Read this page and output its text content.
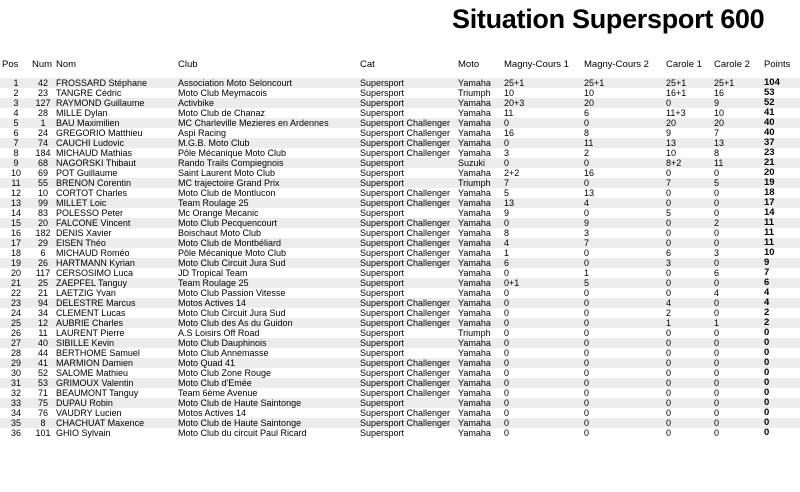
Situation Supersport 600
Pos	Num	Nom	Club	Cat	Moto	Magny-Cours 1	Magny-Cours 2	Carole 1	Carole 2	Points

1	42	FROSSARD Stéphane	Association Moto Seloncourt	Supersport	Yamaha	25+1	25+1	25+1	25+1	104
2	23	TANGRE Cédric	Moto Club Meymacois	Supersport	Triumph	10	10	16+1	16	53
3	127	RAYMOND Guillaume	Activbike	Supersport	Yamaha	20+3	20	0	9	52
4	28	MILLE Dylan	Moto Club de Chanaz	Supersport	Yamaha	11	6	11+3	10	41
5	1	BAU Maximilien	MC Charleville Mezieres en Ardennes	Supersport Challenger	Yamaha	0	0	20	20	40
6	24	GREGORIO Matthieu	Aspi Racing	Supersport Challenger	Yamaha	16	8	9	7	40
7	74	CAUCHI Ludovic	M.G.B. Moto Club	Supersport Challenger	Yamaha	0	11	13	13	37
8	184	MICHAUD Mathias	Pôle Mécanique Moto Club	Supersport Challenger	Yamaha	3	2	10	8	23
9	68	NAGORSKI Thibaut	Rando Trails Compiegnois	Supersport	Suzuki	0	0	8+2	11	21
10	69	POT Guillaume	Saint Laurent Moto Club	Supersport	Yamaha	2+2	16	0	0	20
11	55	BRENON Corentin	MC trajectoire Grand Prix	Supersport	Triumph	7	0	7	5	19
12	10	CORTOT Charles	Moto Club de Montlucon	Supersport Challenger	Yamaha	5	13	0	0	18
13	99	MILLET Loic	Team Roulage 25	Supersport Challenger	Yamaha	13	4	0	0	17
14	83	POLESSO Peter	Mc Orange Mecanic	Supersport	Yamaha	9	0	5	0	14
15	20	FALCONE Vincent	Moto Club Pecquencourt	Supersport Challenger	Yamaha	0	9	0	2	11
16	182	DENIS Xavier	Boischaut Moto Club	Supersport Challenger	Yamaha	8	3	0	0	11
17	29	EISEN Théo	Moto Club de Montbéliard	Supersport Challenger	Yamaha	4	7	0	0	11
18	6	MICHAUD Roméo	Pôle Mécanique Moto Club	Supersport Challenger	Yamaha	1	0	6	3	10
19	26	HARTMANN Kyrian	Moto Club Circuit Jura Sud	Supersport Challenger	Yamaha	6	0	3	0	9
20	117	CERSOSIMO Luca	JD Tropical Team	Supersport	Yamaha	0	1	0	6	7
21	25	ZAEPFEL Tanguy	Team Roulage 25	Supersport	Yamaha	0+1	5	0	0	6
22	21	LAETZIG Yvan	Moto Club Passion Vitesse	Supersport	Yamaha	0	0	0	4	4
23	94	DELESTRE Marcus	Motos Actives 14	Supersport Challenger	Yamaha	0	0	4	0	4
24	34	CLEMENT Lucas	Moto Club Circuit Jura Sud	Supersport Challenger	Yamaha	0	0	2	0	2
25	12	AUBRIE Charles	Moto Club des As du Guidon	Supersport Challenger	Yamaha	0	0	1	1	2
26	11	LAURENT Pierre	A.S Loisirs Off Road	Supersport	Triumph	0	0	0	0	0
27	40	SIBILLE Kevin	Moto Club Dauphinois	Supersport	Yamaha	0	0	0	0	0
28	44	BERTHOME Samuel	Moto Club Annemasse	Supersport	Yamaha	0	0	0	0	0
29	41	MARMION Damien	Moto Quad 41	Supersport Challenger	Yamaha	0	0	0	0	0
30	52	SALOME Mathieu	Moto Club Zone Rouge	Supersport Challenger	Yamaha	0	0	0	0	0
31	53	GRIMOUX Valentin	Moto Club d'Emée	Supersport Challenger	Yamaha	0	0	0	0	0
32	71	BEAUMONT Tanguy	Team 6ème Avenue	Supersport Challenger	Yamaha	0	0	0	0	0
33	75	DUPAU Robin	Moto Club de Haute Saintonge	Supersport	Yamaha	0	0	0	0	0
34	76	VAUDRY Lucien	Motos Actives 14	Supersport Challenger	Yamaha	0	0	0	0	0
35	8	CHACHUAT Maxence	Moto Club de Haute Saintonge	Supersport Challenger	Yamaha	0	0	0	0	0
36	101	GHIO Sylvain	Moto Club du circuit Paul Ricard	Supersport	Yamaha	0	0	0	0	0
